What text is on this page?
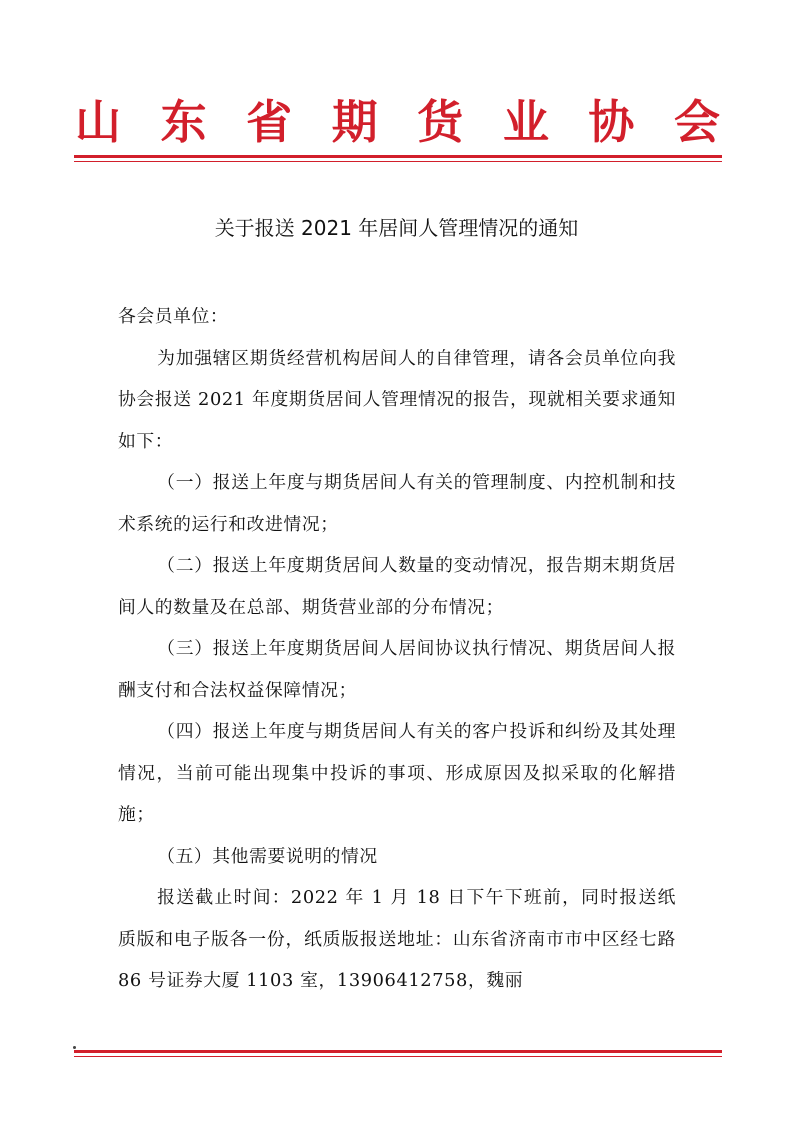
山 东 省 期 货 业 协 会
关于报送 2021 年居间人管理情况的通知

各会员单位：

为加强辖区期货经营机构居间人的自律管理，请各会员单位向我协会报送 2021 年度期货居间人管理情况的报告，现就相关要求通知如下：

（一）报送上年度与期货居间人有关的管理制度、内控机制和技术系统的运行和改进情况；

（二）报送上年度期货居间人数量的变动情况，报告期末期货居间人的数量及在总部、期货营业部的分布情况；

（三）报送上年度期货居间人居间协议执行情况、期货居间人报酬支付和合法权益保障情况；

（四）报送上年度与期货居间人有关的客户投诉和纠纷及其处理情况，当前可能出现集中投诉的事项、形成原因及拟采取的化解措施；

（五）其他需要说明的情况

报送截止时间：2022 年 1 月 18 日下午下班前，同时报送纸质版和电子版各一份，纸质版报送地址：山东省济南市市中区经七路 86 号证券大厦 1103 室，13906412758，魏丽
